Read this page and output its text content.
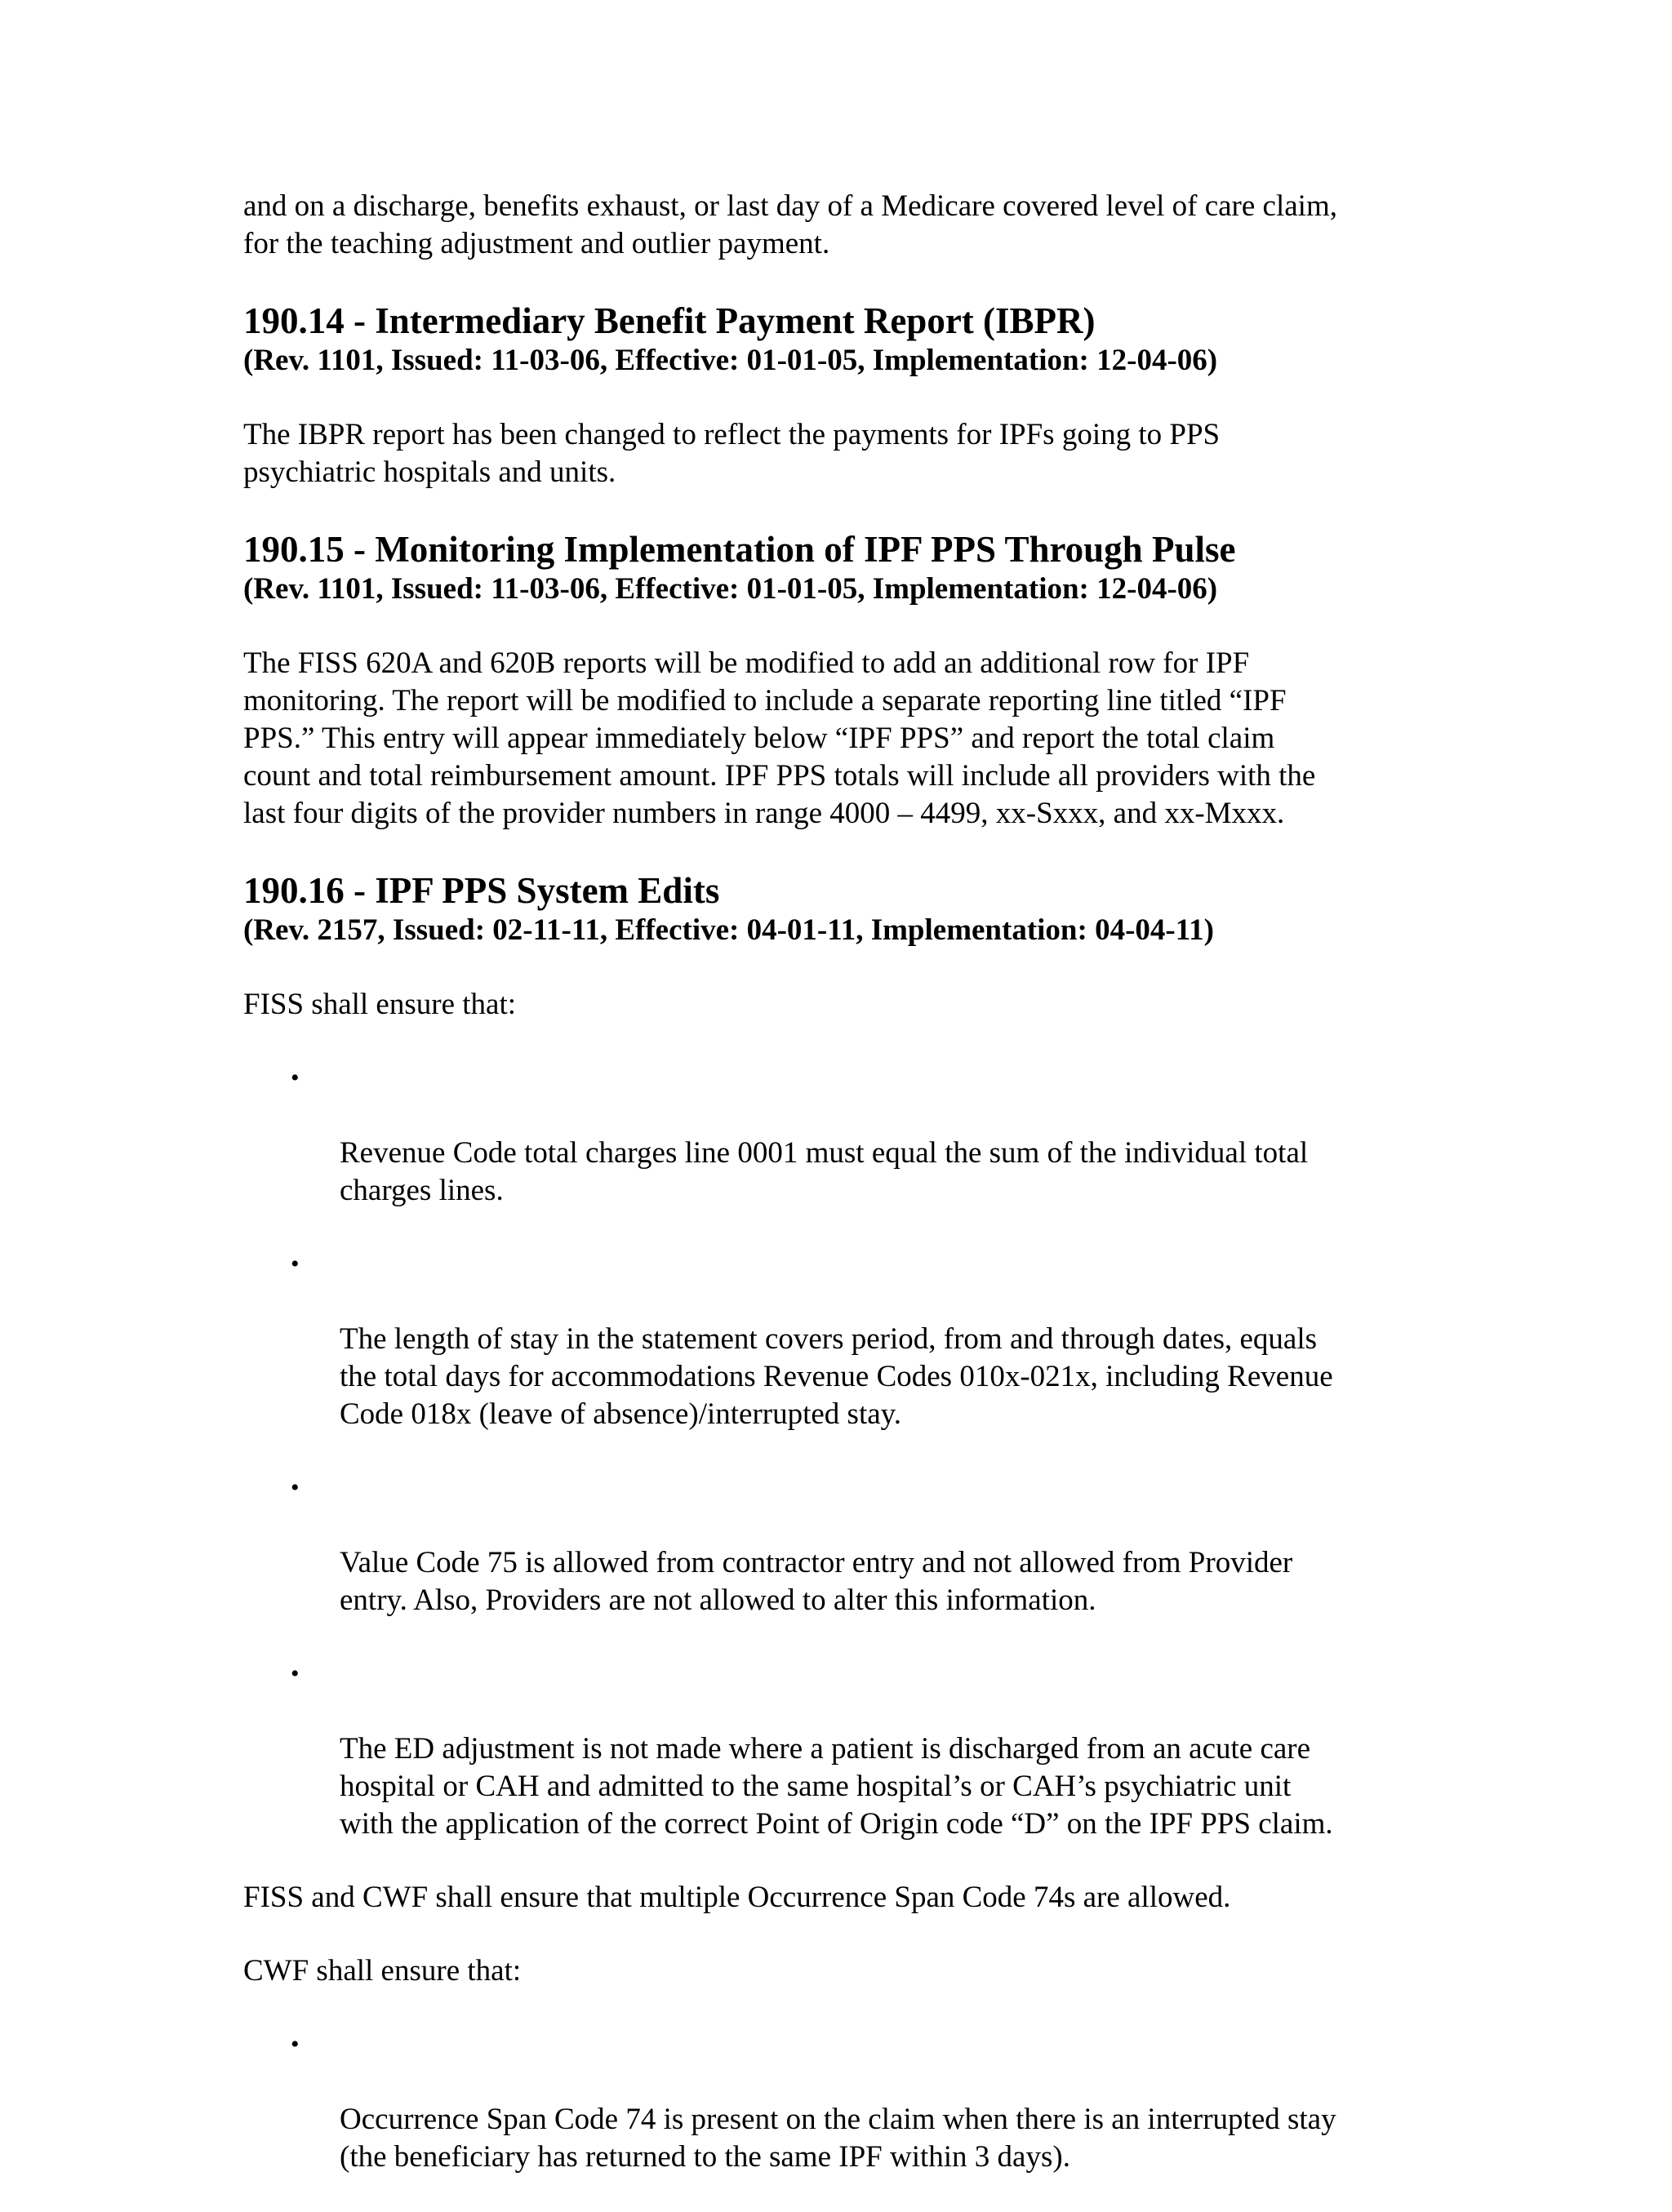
and on a discharge, benefits exhaust, or last day of a Medicare covered level of care claim,
for the teaching adjustment and outlier payment.

190.14 - Intermediary Benefit Payment Report (IBPR)

(Rev. 1101, Issued: 11-03-06, Effective: 01-01-05, Implementation: 12-04-06)

The IBPR report has been changed to reflect the payments for IPFs going to PPS
psychiatric hospitals and units.

190.15 - Monitoring Implementation of IPF PPS Through Pulse

(Rev. 1101, Issued: 11-03-06, Effective: 01-01-05, Implementation: 12-04-06)

The FISS 620A and 620B reports will be modified to add an additional row for IPF
monitoring. The report will be modified to include a separate reporting line titled “IPF
PPS.” This entry will appear immediately below “IPF PPS” and report the total claim
count and total reimbursement amount. IPF PPS totals will include all providers with the
last four digits of the provider numbers in range 4000 – 4499, xx-Sxxx, and xx-Mxxx.

190.16 - IPF PPS System Edits

(Rev. 2157, Issued: 02-11-11, Effective: 04-01-11, Implementation: 04-04-11)

FISS shall ensure that:

•

Revenue Code total charges line 0001 must equal the sum of the individual total
charges lines.

•

The length of stay in the statement covers period, from and through dates, equals
the total days for accommodations Revenue Codes 010x-021x, including Revenue
Code 018x (leave of absence)/interrupted stay.

•

Value Code 75 is allowed from contractor entry and not allowed from Provider
entry. Also, Providers are not allowed to alter this information.

•

The ED adjustment is not made where a patient is discharged from an acute care
hospital or CAH and admitted to the same hospital’s or CAH’s psychiatric unit
with the application of the correct Point of Origin code “D” on the IPF PPS claim.

FISS and CWF shall ensure that multiple Occurrence Span Code 74s are allowed.

CWF shall ensure that:

•

Occurrence Span Code 74 is present on the claim when there is an interrupted stay
(the beneficiary has returned to the same IPF within 3 days).
